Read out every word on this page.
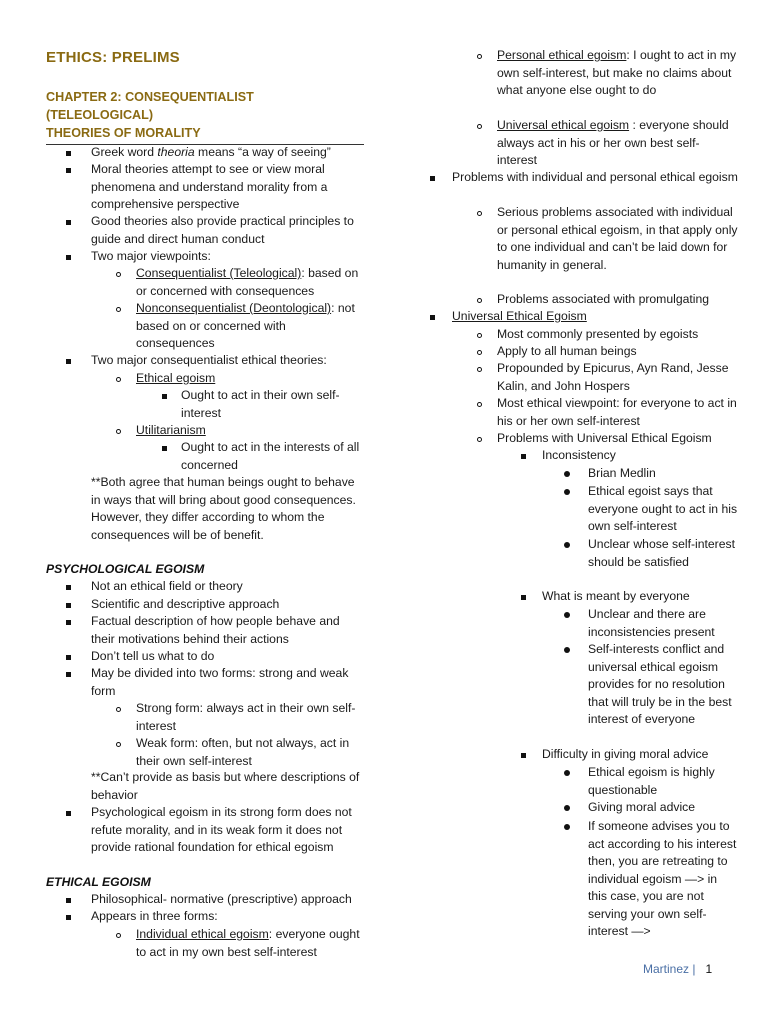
ETHICS: PRELIMS
CHAPTER 2: CONSEQUENTIALIST (TELEOLOGICAL)
THEORIES OF MORALITY
Greek word theoria means “a way of seeing”
Moral theories attempt to see or view moral phenomena and understand morality from a comprehensive perspective
Good theories also provide practical principles to guide and direct human conduct
Two major viewpoints:
Consequentialist (Teleological): based on or concerned with consequences
Nonconsequentialist (Deontological): not based on or concerned with consequences
Two major consequentialist ethical theories:
Ethical egoism
Ought to act in their own self-interest
Utilitarianism
Ought to act in the interests of all concerned
**Both agree that human beings ought to behave in ways that will bring about good consequences. However, they differ according to whom the consequences will be of benefit.
PSYCHOLOGICAL EGOISM
Not an ethical field or theory
Scientific and descriptive approach
Factual description of how people behave and their motivations behind their actions
Don’t tell us what to do
May be divided into two forms: strong and weak form
Strong form: always act in their own self-interest
Weak form: often, but not always, act in their own self-interest
**Can’t provide as basis but where descriptions of behavior
Psychological egoism in its strong form does not refute morality, and in its weak form it does not provide rational foundation for ethical egoism
ETHICAL EGOISM
Philosophical- normative (prescriptive) approach
Appears in three forms:
Individual ethical egoism: everyone ought to act in my own best self-interest
Personal ethical egoism: I ought to act in my own self-interest, but make no claims about what anyone else ought to do
Universal ethical egoism : everyone should always act in his or her own best self-interest
Problems with individual and personal ethical egoism
Serious problems associated with individual or personal ethical egoism, in that apply only to one individual and can’t be laid down for humanity in general.
Problems associated with promulgating
Universal Ethical Egoism
Most commonly presented by egoists
Apply to all human beings
Propounded by Epicurus, Ayn Rand, Jesse Kalin, and John Hospers
Most ethical viewpoint: for everyone to act in his or her own self-interest
Problems with Universal Ethical Egoism
Inconsistency
Brian Medlin
Ethical egoist says that everyone ought to act in his own self-interest
Unclear whose self-interest should be satisfied
What is meant by everyone
Unclear and there are inconsistencies present
Self-interests conflict and universal ethical egoism provides for no resolution that will truly be in the best interest of everyone
Difficulty in giving moral advice
Ethical egoism is highly questionable
Giving moral advice
If someone advises you to act according to his interest then, you are retreating to individual egoism —> in this case, you are not serving your own self-interest —>
Martinez | 1
